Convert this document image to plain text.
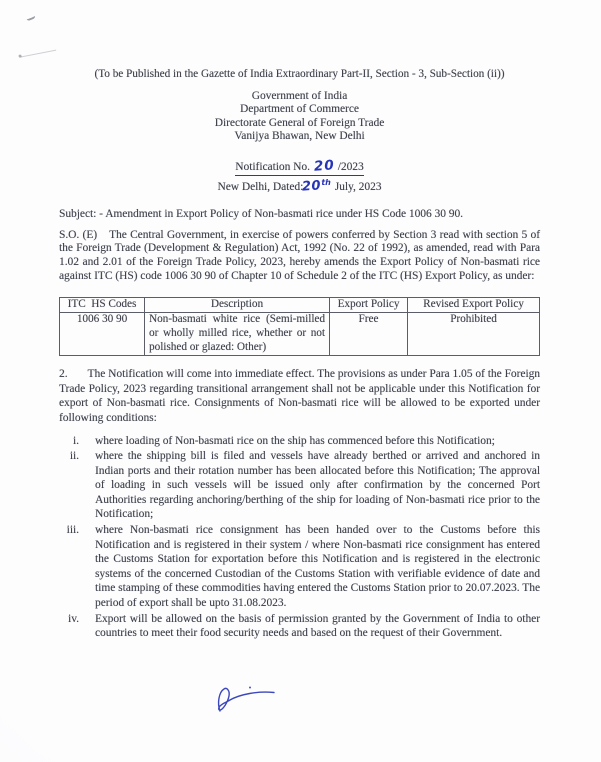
(To be Published in the Gazette of India Extraordinary Part-II, Section - 3, Sub-Section (ii))
Government of India
Department of Commerce
Directorate General of Foreign Trade
Vanijya Bhawan, New Delhi
Notification No. 20 /2023
New Delhi, Dated:20th July, 2023
Subject: - Amendment in Export Policy of Non-basmati rice under HS Code 1006 30 90.

S.O. (E) The Central Government, in exercise of powers conferred by Section 3 read with section 5 of the Foreign Trade (Development & Regulation) Act, 1992 (No. 22 of 1992), as amended, read with Para 1.02 and 2.01 of the Foreign Trade Policy, 2023, hereby amends the Export Policy of Non-basmati rice against ITC (HS) code 1006 30 90 of Chapter 10 of Schedule 2 of the ITC (HS) Export Policy, as under:

ITC  HS Codes	Description	Export Policy	Revised Export Policy
1006 30 90	Non-basmati white rice (Semi-milled or wholly milled rice, whether or not polished or glazed: Other)	Free	Prohibited

2. The Notification will come into immediate effect. The provisions as under Para 1.05 of the Foreign Trade Policy, 2023 regarding transitional arrangement shall not be applicable under this Notification for export of Non-basmati rice. Consignments of Non-basmati rice will be allowed to be exported under following conditions:

i. where loading of Non-basmati rice on the ship has commenced before this Notification;
ii. where the shipping bill is filed and vessels have already berthed or arrived and anchored in Indian ports and their rotation number has been allocated before this Notification; The approval of loading in such vessels will be issued only after confirmation by the concerned Port Authorities regarding anchoring/berthing of the ship for loading of Non-basmati rice prior to the Notification;
iii. where Non-basmati rice consignment has been handed over to the Customs before this Notification and is registered in their system / where Non-basmati rice consignment has entered the Customs Station for exportation before this Notification and is registered in the electronic systems of the concerned Custodian of the Customs Station with verifiable evidence of date and time stamping of these commodities having entered the Customs Station prior to 20.07.2023. The period of export shall be upto 31.08.2023.
iv. Export will be allowed on the basis of permission granted by the Government of India to other countries to meet their food security needs and based on the request of their Government.
